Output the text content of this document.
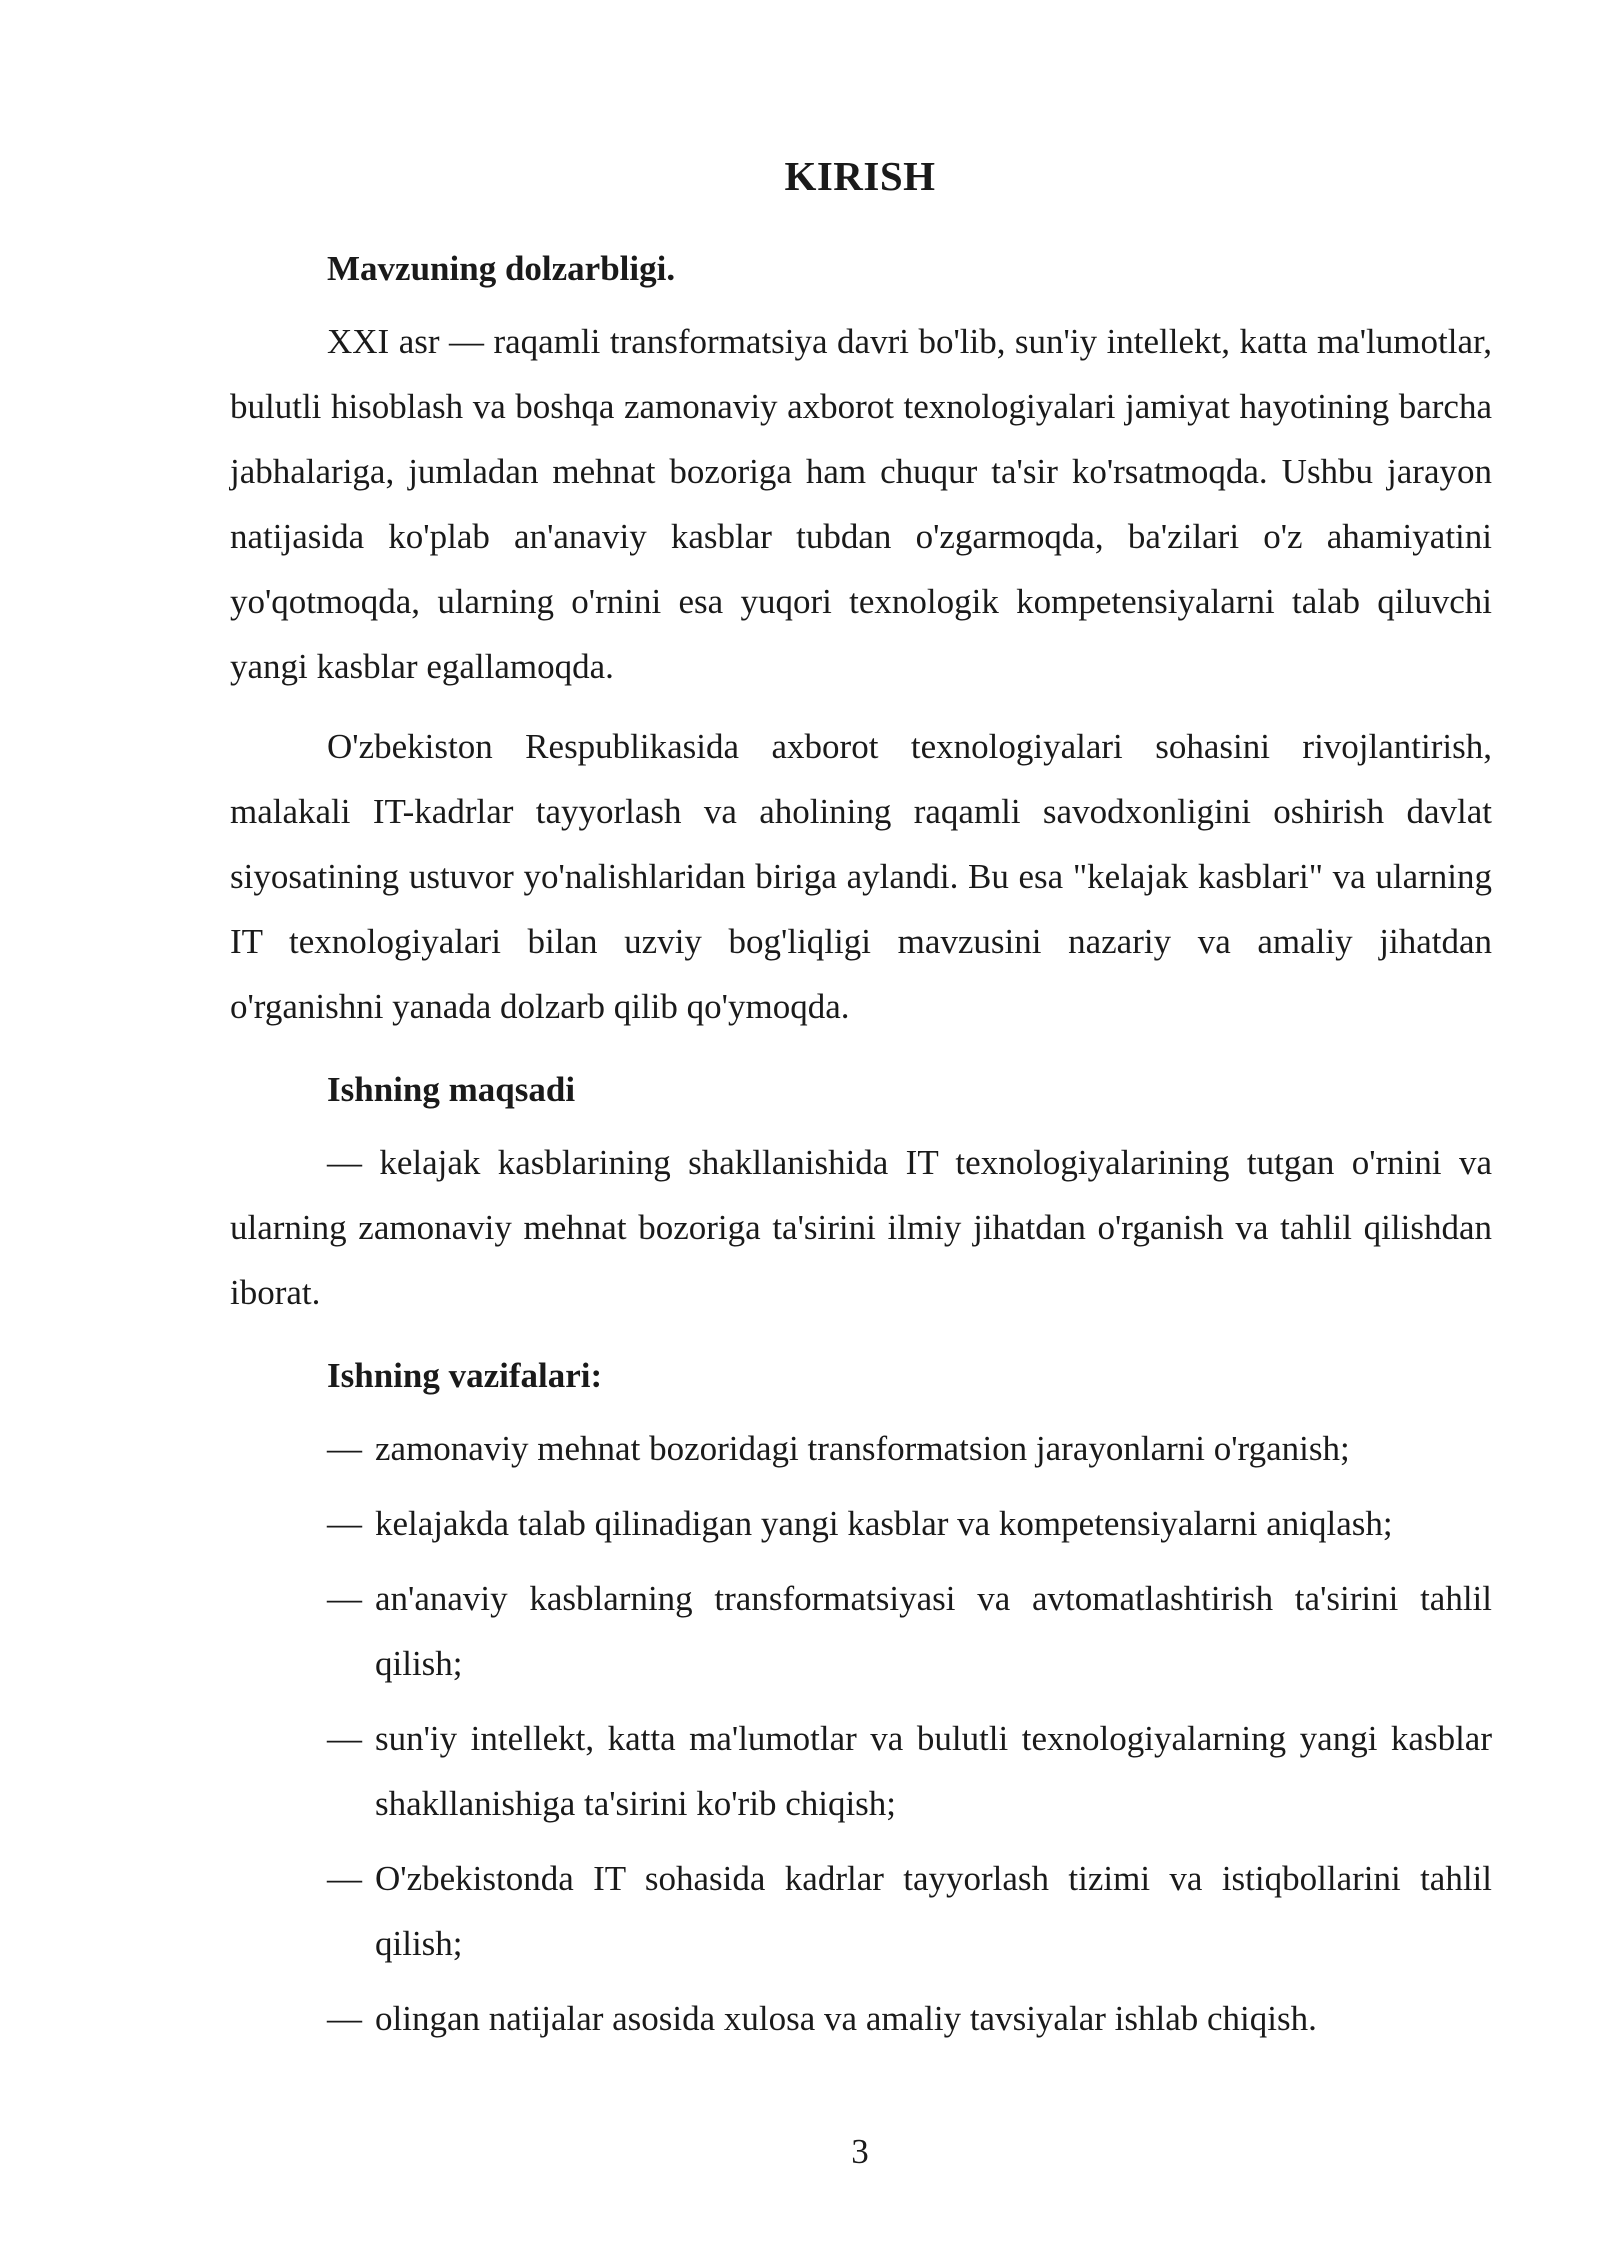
KIRISH

Mavzuning dolzarbligi.

XXI asr — raqamli transformatsiya davri bo'lib, sun'iy intellekt, katta ma'lumotlar, bulutli hisoblash va boshqa zamonaviy axborot texnologiyalari jamiyat hayotining barcha jabhalariga, jumladan mehnat bozoriga ham chuqur ta'sir ko'rsatmoqda. Ushbu jarayon natijasida ko'plab an'anaviy kasblar tubdan o'zgarmoqda, ba'zilari o'z ahamiyatini yo'qotmoqda, ularning o'rnini esa yuqori texnologik kompetensiyalarni talab qiluvchi yangi kasblar egallamoqda.

O'zbekiston Respublikasida axborot texnologiyalari sohasini rivojlantirish, malakali IT-kadrlar tayyorlash va aholining raqamli savodxonligini oshirish davlat siyosatining ustuvor yo'nalishlaridan biriga aylandi. Bu esa "kelajak kasblari" va ularning IT texnologiyalari bilan uzviy bog'liqligi mavzusini nazariy va amaliy jihatdan o'rganishni yanada dolzarb qilib qo'ymoqda.

Ishning maqsadi

— kelajak kasblarining shakllanishida IT texnologiyalarining tutgan o'rnini va ularning zamonaviy mehnat bozoriga ta'sirini ilmiy jihatdan o'rganish va tahlil qilishdan iborat.

Ishning vazifalari:

— zamonaviy mehnat bozoridagi transformatsion jarayonlarni o'rganish;

— kelajakda talab qilinadigan yangi kasblar va kompetensiyalarni aniqlash;

— an'anaviy kasblarning transformatsiyasi va avtomatlashtirish ta'sirini tahlil qilish;

— sun'iy intellekt, katta ma'lumotlar va bulutli texnologiyalarning yangi kasblar shakllanishiga ta'sirini ko'rib chiqish;

— O'zbekistonda IT sohasida kadrlar tayyorlash tizimi va istiqbollarini tahlil qilish;

— olingan natijalar asosida xulosa va amaliy tavsiyalar ishlab chiqish.

3
